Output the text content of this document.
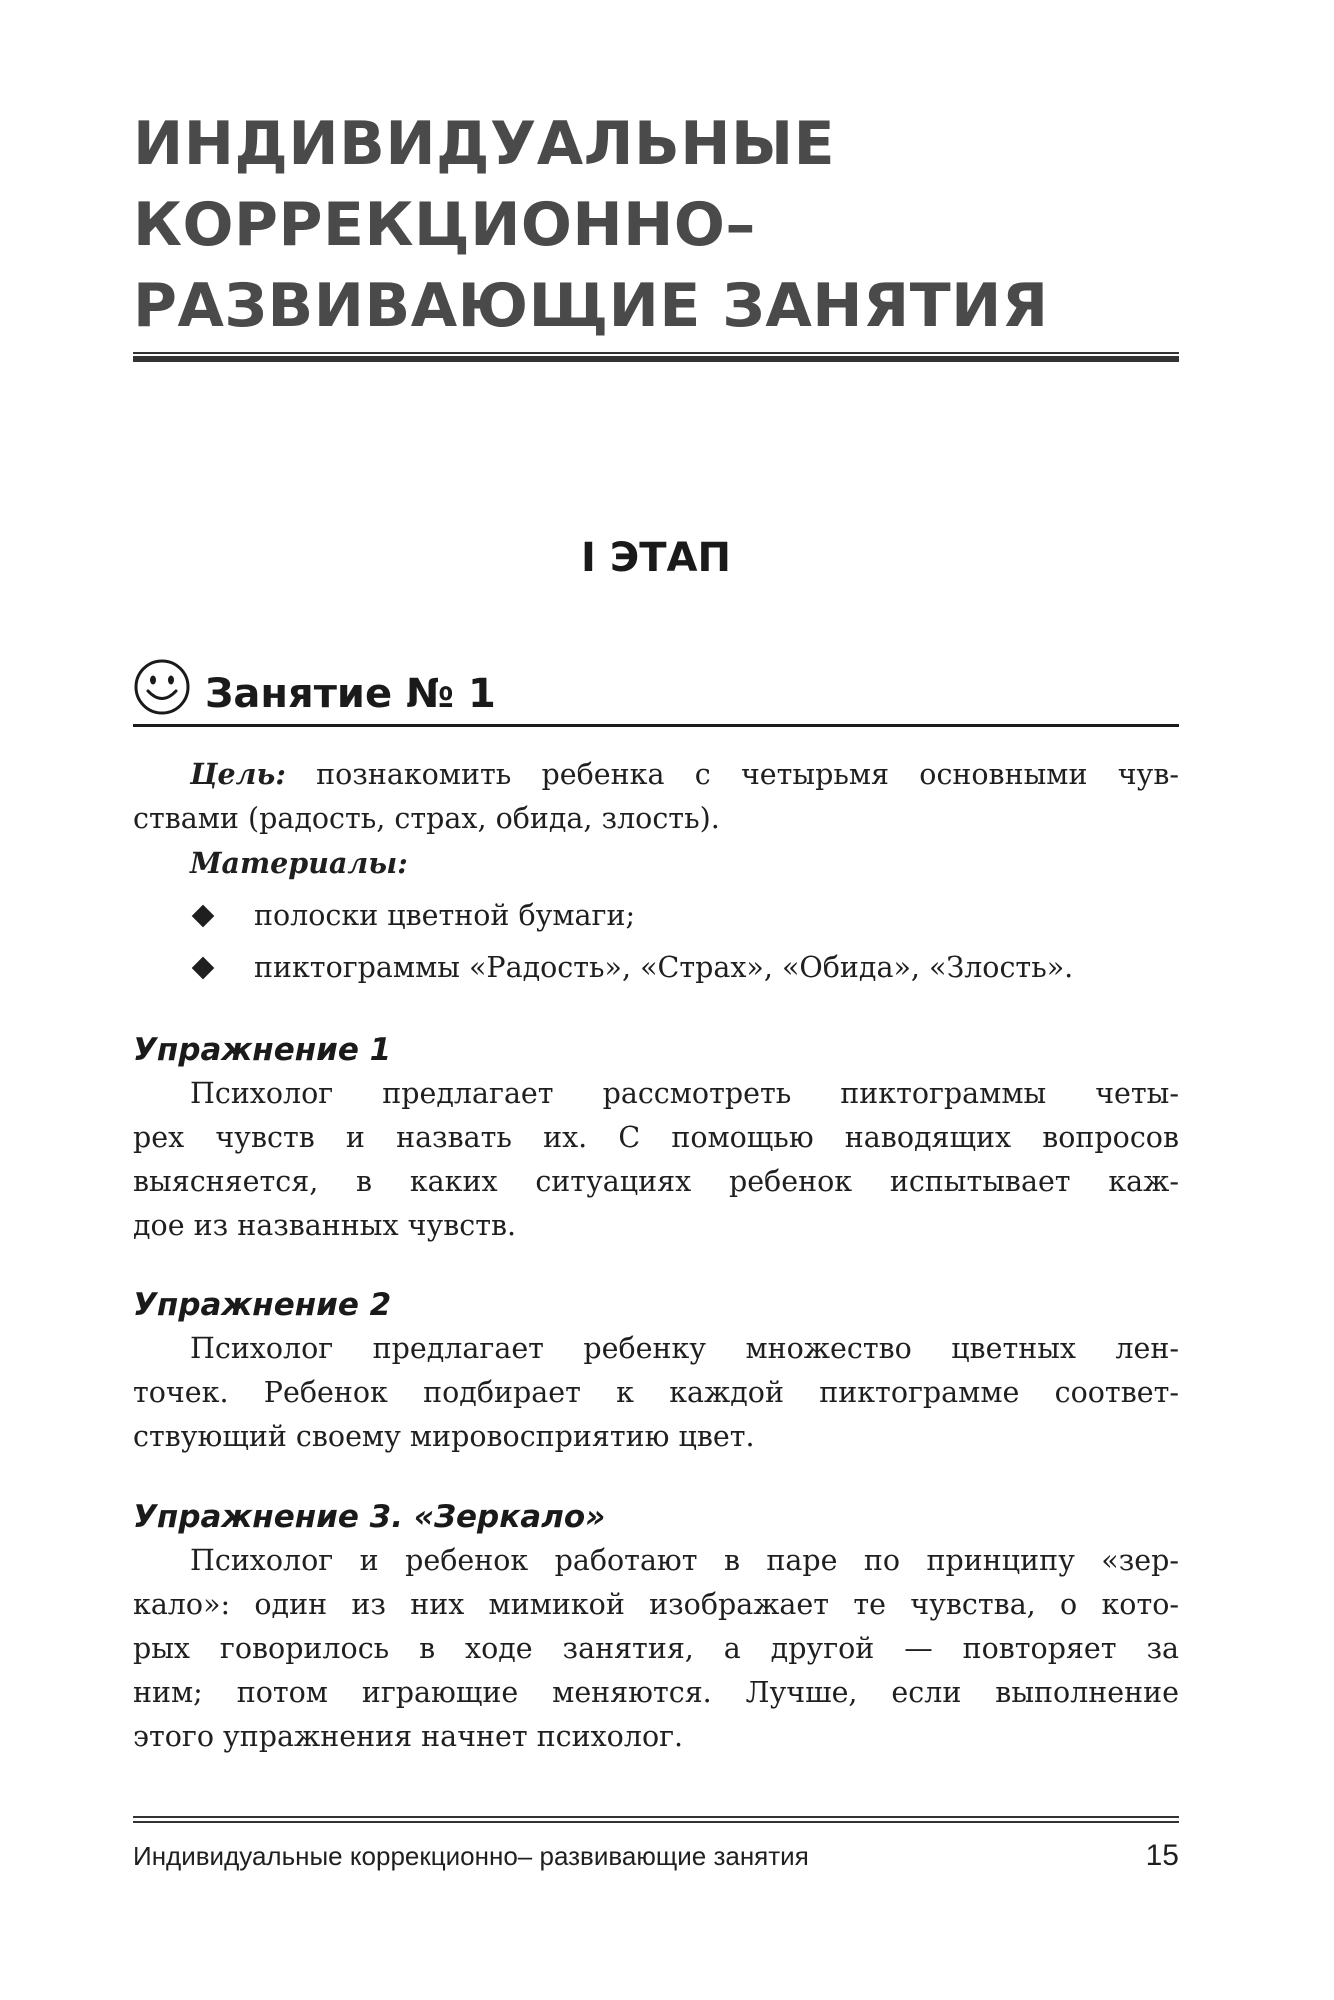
ИНДИВИДУАЛЬНЫЕ
КОРРЕКЦИОННО–
РАЗВИВАЮЩИЕ ЗАНЯТИЯ
I ЭТАП
Занятие № 1
Цель: познакомить ребенка с четырьмя основными чув-
ствами (радость, страх, обида, злость).
Материалы:
полоски цветной бумаги;
пиктограммы «Радость», «Страх», «Обида», «Злость».
Упражнение 1
Психолог предлагает рассмотреть пиктограммы четы-
рех чувств и назвать их. С помощью наводящих вопросов
выясняется, в каких ситуациях ребенок испытывает каж-
дое из названных чувств.
Упражнение 2
Психолог предлагает ребенку множество цветных лен-
точек. Ребенок подбирает к каждой пиктограмме соответ-
ствующий своему мировосприятию цвет.
Упражнение 3. «Зеркало»
Психолог и ребенок работают в паре по принципу «зер-
кало»: один из них мимикой изображает те чувства, о кото-
рых говорилось в ходе занятия, а другой — повторяет за
ним; потом играющие меняются. Лучше, если выполнение
этого упражнения начнет психолог.
Индивидуальные коррекционно– развивающие занятия	15
